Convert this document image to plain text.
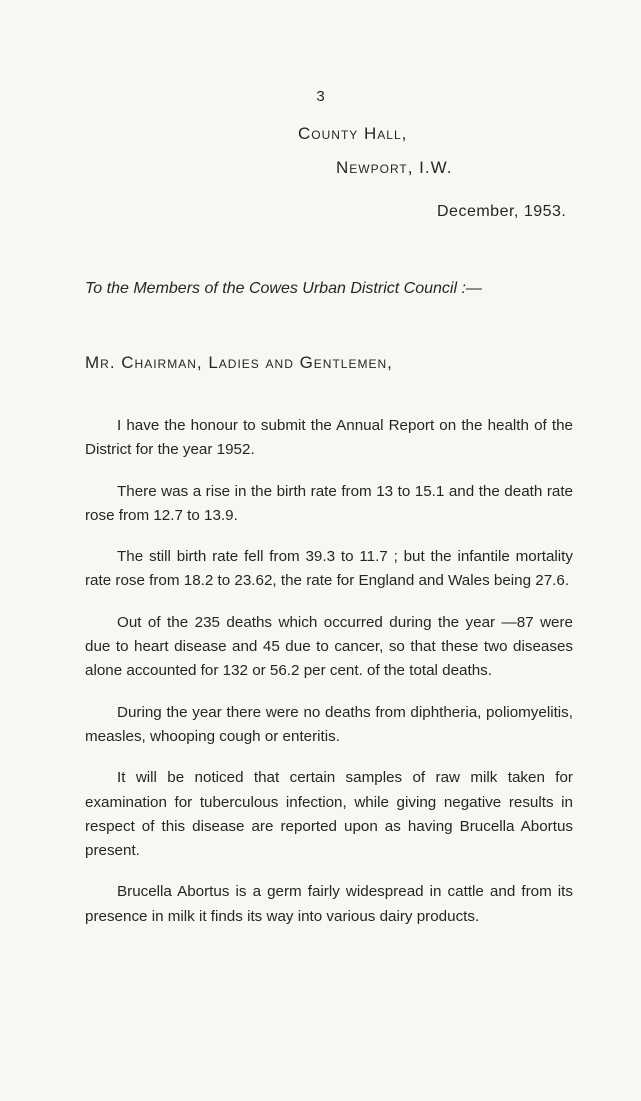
3
County Hall,
Newport, I.W.
December, 1953.
To the Members of the Cowes Urban District Council :—
Mr. Chairman, Ladies and Gentlemen,

I have the honour to submit the Annual Report on the health of the District for the year 1952.

There was a rise in the birth rate from 13 to 15.1 and the death rate rose from 12.7 to 13.9.

The still birth rate fell from 39.3 to 11.7 ; but the infantile mortality rate rose from 18.2 to 23.62, the rate for England and Wales being 27.6.

Out of the 235 deaths which occurred during the year —87 were due to heart disease and 45 due to cancer, so that these two diseases alone accounted for 132 or 56.2 per cent. of the total deaths.

During the year there were no deaths from diphtheria, poliomyelitis, measles, whooping cough or enteritis.

It will be noticed that certain samples of raw milk taken for examination for tuberculous infection, while giving negative results in respect of this disease are reported upon as having Brucella Abortus present.

Brucella Abortus is a germ fairly widespread in cattle and from its presence in milk it finds its way into various dairy products.
